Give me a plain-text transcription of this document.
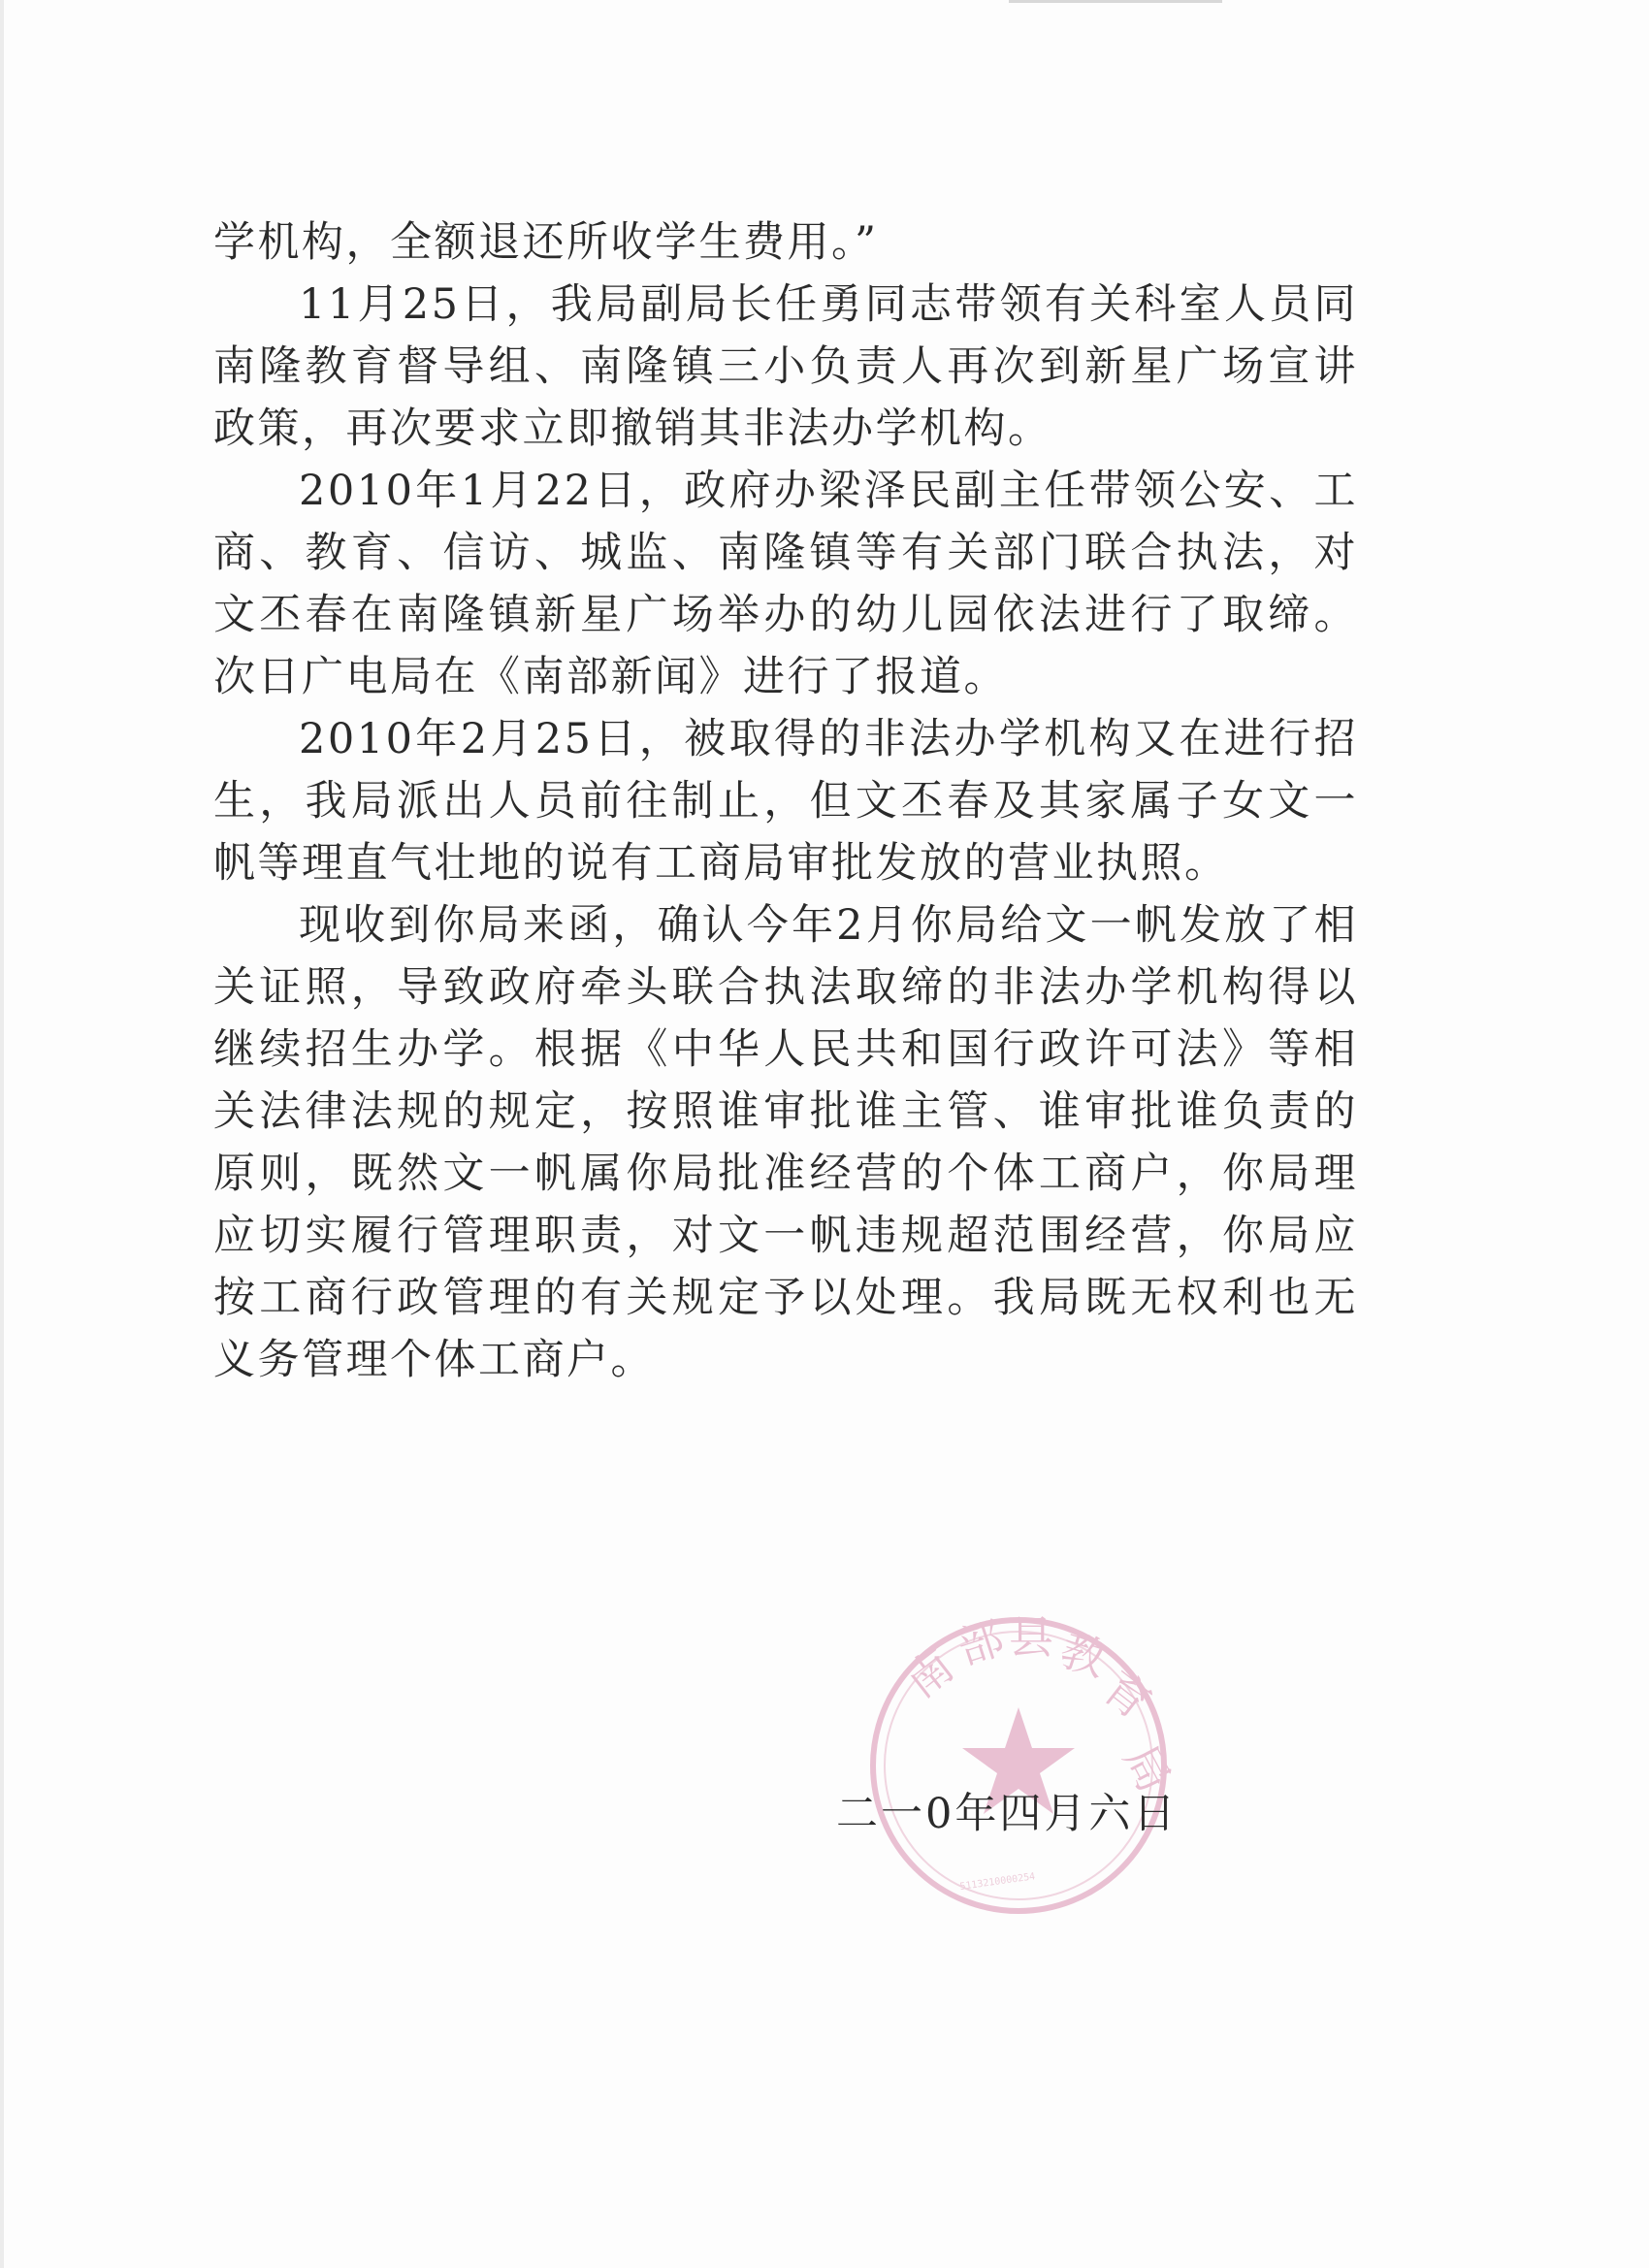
学机构，全额退还所收学生费用。”

11月25日，我局副局长任勇同志带领有关科室人员同南隆教育督导组、南隆镇三小负责人再次到新星广场宣讲政策，再次要求立即撤销其非法办学机构。

2010年1月22日，政府办梁泽民副主任带领公安、工商、教育、信访、城监、南隆镇等有关部门联合执法，对文丕春在南隆镇新星广场举办的幼儿园依法进行了取缔。次日广电局在《南部新闻》进行了报道。

2010年2月25日，被取得的非法办学机构又在进行招生，我局派出人员前往制止，但文丕春及其家属子女文一帆等理直气壮地的说有工商局审批发放的营业执照。

现收到你局来函，确认今年2月你局给文一帆发放了相关证照，导致政府牵头联合执法取缔的非法办学机构得以继续招生办学。根据《中华人民共和国行政许可法》等相关法律法规的规定，按照谁审批谁主管、谁审批谁负责的原则，既然文一帆属你局批准经营的个体工商户，你局理应切实履行管理职责，对文一帆违规超范围经营，你局应按工商行政管理的有关规定予以处理。我局既无权利也无义务管理个体工商户。

南
部
县 教
育
局
5113210000254
二一0年四月六日
